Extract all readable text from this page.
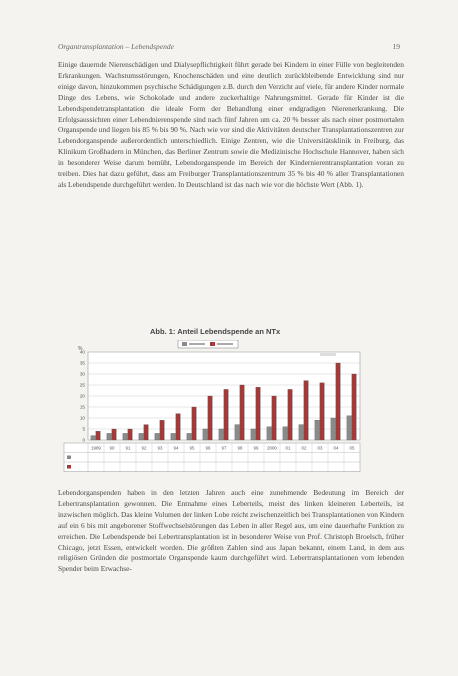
Organtransplantation – Lebendspende	19

Einige dauernde Nierenschädigen und Dialysepflichtigkeit führt gerade bei Kindern in einer Fülle von begleitenden Erkrankungen. Wachstumsstörungen, Knochenschäden und eine deutlich zurückbleibende Entwicklung sind nur einige davon, hinzukommen psychische Schädigungen z.B. durch den Verzicht auf viele, für andere Kinder normale Dinge des Lebens, wie Schokolade und andere zuckerhaltige Nahrungsmittel. Gerade für Kinder ist die Lebendspendetransplantation die ideale Form der Behandlung einer endgradigen Nierenerkrankung. Die Erfolgsaussichten einer Lebendnierenspende sind nach fünf Jahren um ca. 20 % besser als nach einer postmortalen Organspende und liegen bis 85 % bis 90 %. Nach wie vor sind die Aktivitäten deutscher Transplantationszentren zur Lebendorganspende außerordentlich unterschiedlich. Einige Zentren, wie die Universitätsklinik in Freiburg, das Klinikum Großhadern in München, das Berliner Zentrum sowie die Medizinische Hochschule Hannover, haben sich in besonderer Weise darum bemüht, Lebendorganspende im Bereich der Kindernierentransplantation voran zu treiben. Dies hat dazu geführt, dass am Freiburger Transplantationszentrum 35 % bis 40 % aller Transplantationen als Lebendspende durchgeführt werden. In Deutschland ist das nach wie vor die höchste Wert (Abb. 1).

Abb. 1: Anteil Lebendspende an NTx
%
0
5
10
15
20
25
30
35
40
1989 90	91	92	93	94	95	96	97	98	99 2000 01	02	03	04	05

Lebendorganspenden haben in den letzten Jahren auch eine zunehmende Bedeutung im Bereich der Lebertransplantation gewonnen. Die Entnahme eines Leberteils, meist des linken kleineren Leberteils, ist inzwischen möglich. Das kleine Volumen der linken Lobe reicht zwischenzeitlich bei Transplantationen von Kindern auf ein 6 bis mit angeborener Stoffwechselstörungen das Leben in aller Regel aus, um eine dauerhafte Funktion zu erreichen. Die Lebendspende bei Lebertransplantation ist in besonderer Weise von Prof. Christoph Broelsch, früher Chicago, jetzt Essen, entwickelt worden. Die größten Zahlen sind aus Japan bekannt, einem Land, in dem aus religiösen Gründen die postmortale Organspende kaum durchgeführt wird. Lebertransplantationen vom lebenden Spender beim Erwachse-
